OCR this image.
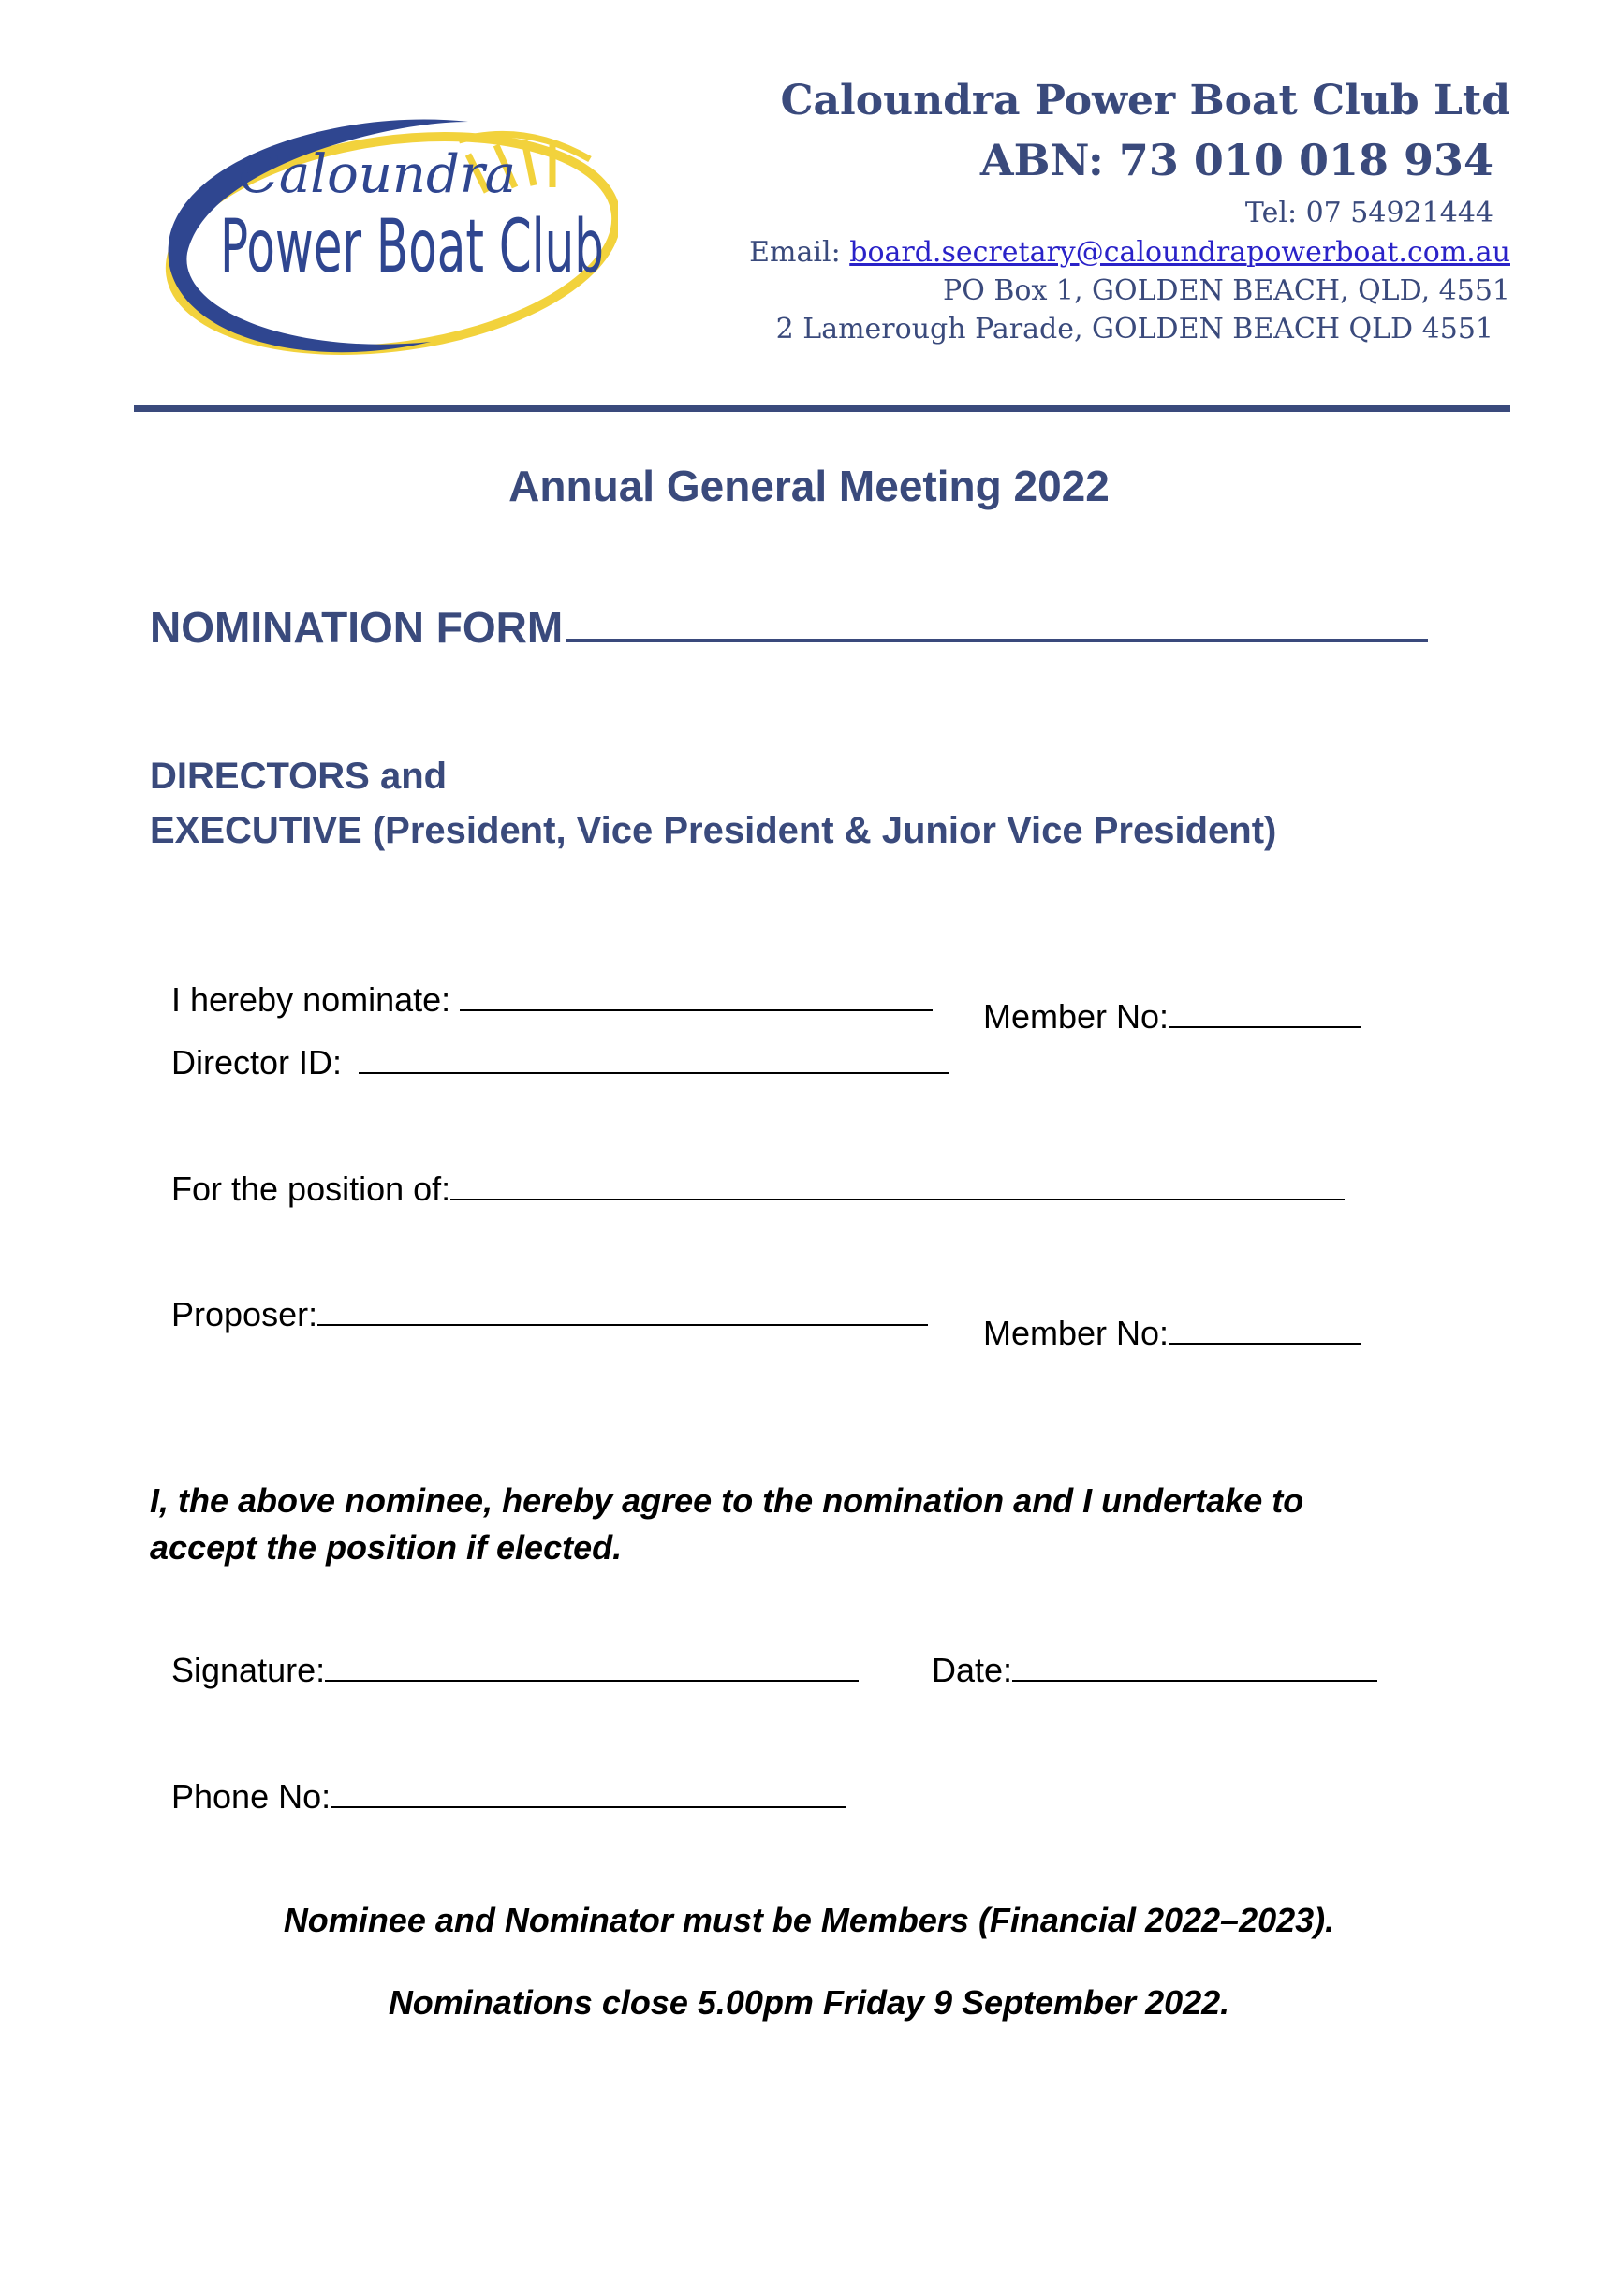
Caloundra
Power Boat Club
Caloundra Power Boat Club Ltd
ABN: 73 010 018 934
Tel: 07 54921444
Email: board.secretary@caloundrapowerboat.com.au
PO Box 1, GOLDEN BEACH, QLD, 4551
2 Lamerough Parade, GOLDEN BEACH QLD 4551
Annual General Meeting 2022
NOMINATION FORM
DIRECTORS and
EXECUTIVE (President, Vice President & Junior Vice President)
I hereby nominate:	Member No:
Director ID:
For the position of:
Proposer:	Member No:
I, the above nominee, hereby agree to the nomination and I undertake to
accept the position if elected.
Signature:	Date:
Phone No:
Nominee and Nominator must be Members (Financial 2022–2023).
Nominations close 5.00pm Friday 9 September 2022.
